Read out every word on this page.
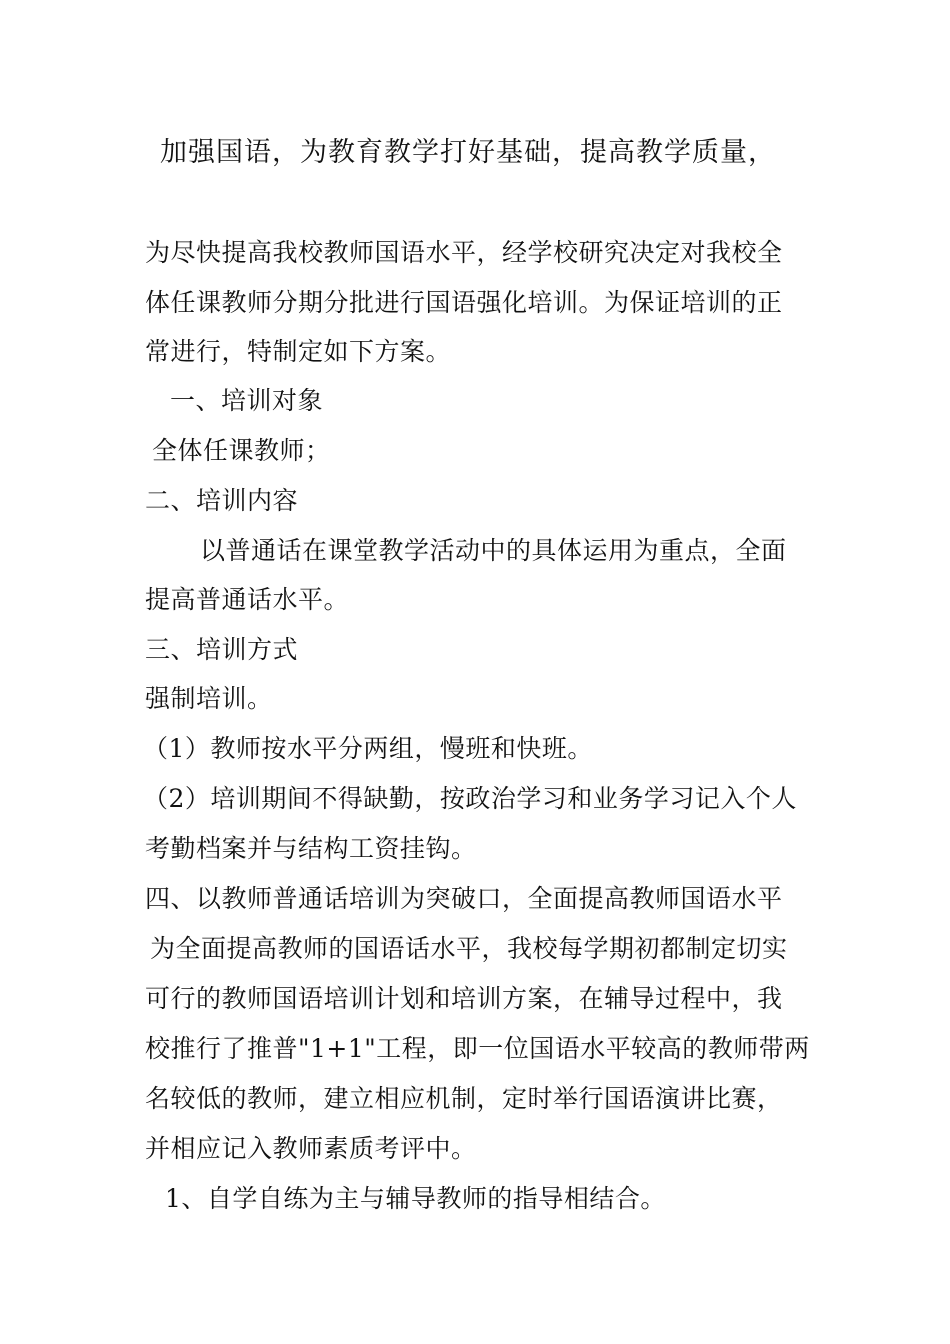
加强国语，为教育教学打好基础，提高教学质量，
为尽快提高我校教师国语水平，经学校研究决定对我校全
体任课教师分期分批进行国语强化培训。为保证培训的正
常进行，特制定如下方案。
一、培训对象
全体任课教师；
二、培训内容
以普通话在课堂教学活动中的具体运用为重点，全面
提高普通话水平。
三、培训方式
强制培训。
（1）教师按水平分两组，慢班和快班。
（2）培训期间不得缺勤，按政治学习和业务学习记入个人
考勤档案并与结构工资挂钩。
四、以教师普通话培训为突破口，全面提高教师国语水平
为全面提高教师的国语话水平，我校每学期初都制定切实
可行的教师国语培训计划和培训方案，在辅导过程中，我
校推行了推普"1+1"工程，即一位国语水平较高的教师带两
名较低的教师，建立相应机制，定时举行国语演讲比赛，
并相应记入教师素质考评中。
1、自学自练为主与辅导教师的指导相结合。
